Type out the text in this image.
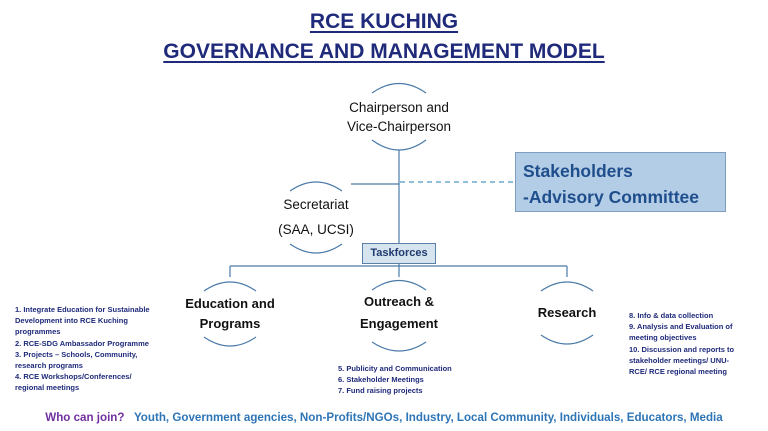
RCE KUCHING
GOVERNANCE AND MANAGEMENT MODEL
Chairperson and
Vice-Chairperson
Secretariat
(SAA, UCSI)
Stakeholders
-Advisory Committee
Taskforces
Education and
Programs
Outreach &
Engagement
Research
1. Integrate Education for Sustainable
Development into RCE Kuching
programmes
2. RCE-SDG Ambassador Programme
3. Projects – Schools, Community,
research programs
4. RCE Workshops/Conferences/
regional meetings
5. Publicity and Communication
6. Stakeholder Meetings
7. Fund raising projects
8. Info & data collection
9. Analysis and Evaluation of
meeting objectives
10. Discussion and reports to
stakeholder meetings/ UNU-
RCE/ RCE regional meeting
Who can join? Youth, Government agencies, Non-Profits/NGOs, Industry, Local Community, Individuals, Educators, Media
